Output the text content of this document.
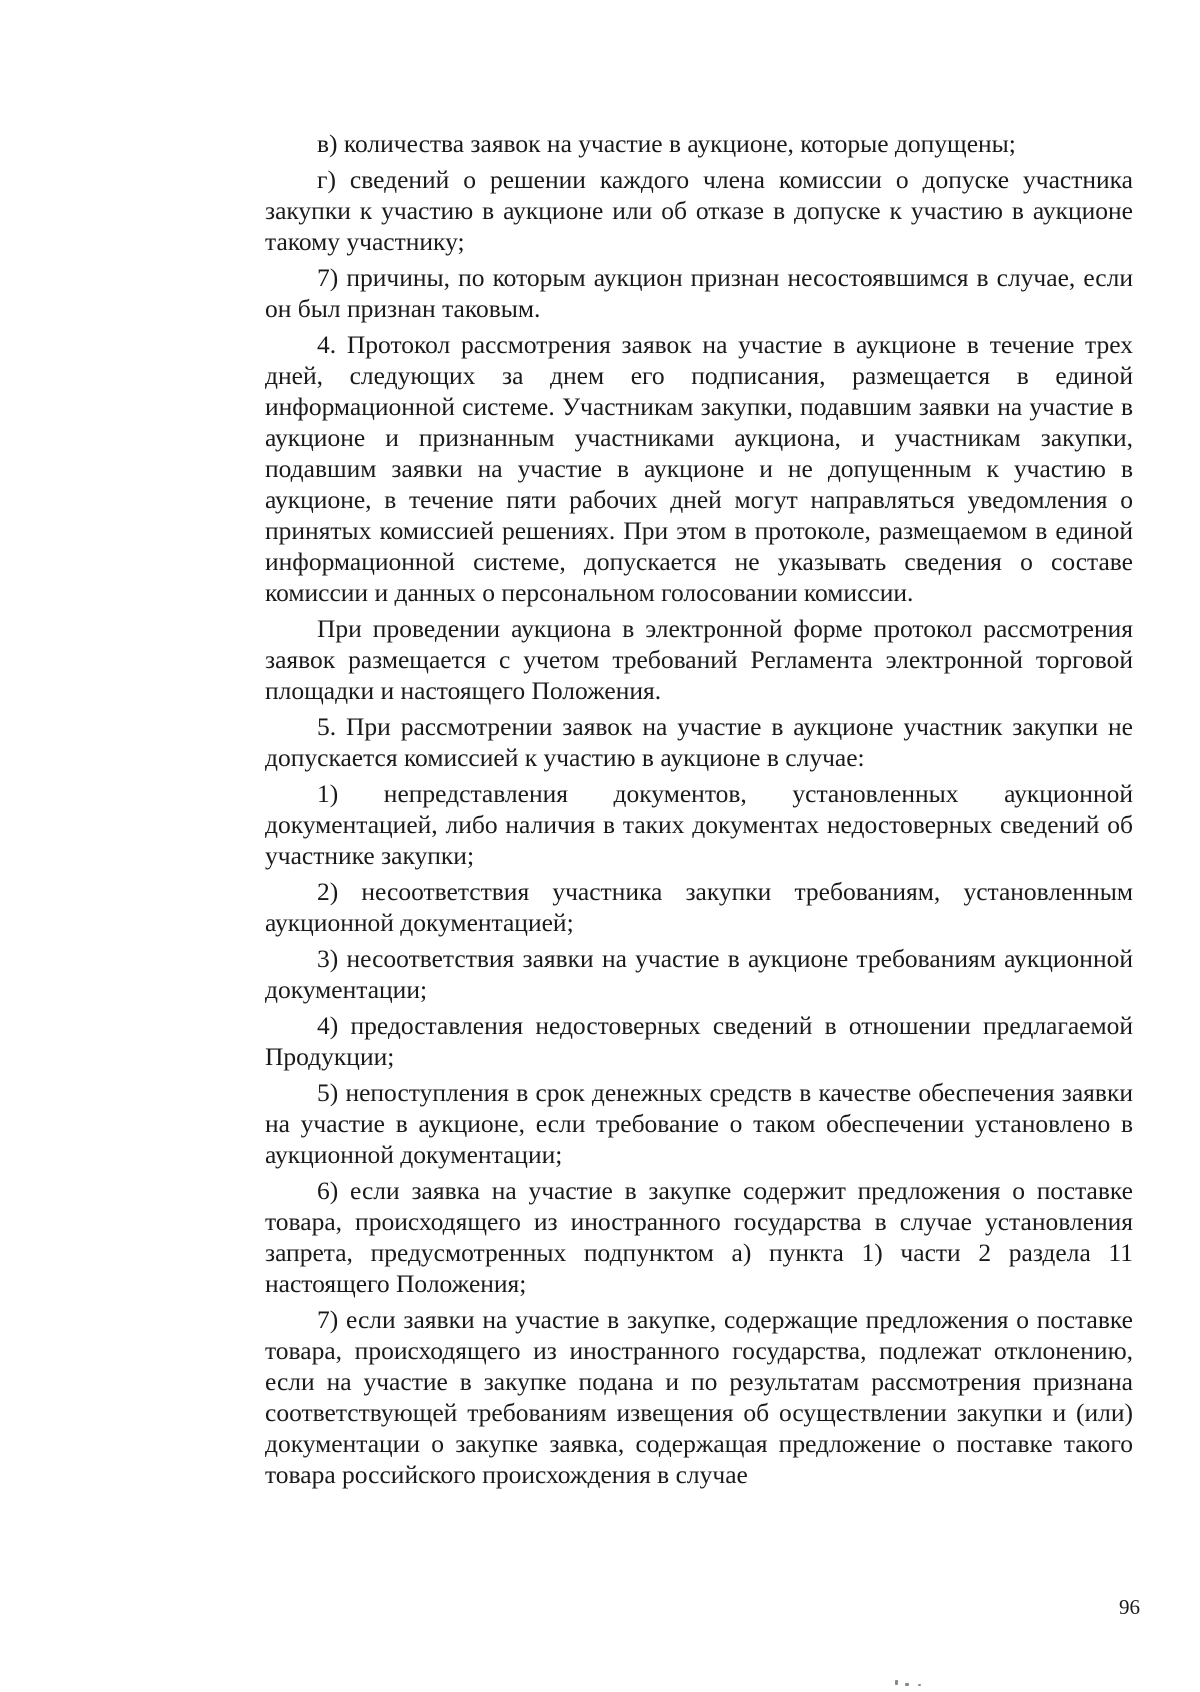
в) количества заявок на участие в аукционе, которые допущены;

г) сведений о решении каждого члена комиссии о допуске участника закупки к участию в аукционе или об отказе в допуске к участию в аукционе такому участнику;

7) причины, по которым аукцион признан несостоявшимся в случае, если он был признан таковым.

4. Протокол рассмотрения заявок на участие в аукционе в течение трех дней, следующих за днем его подписания, размещается в единой информационной системе. Участникам закупки, подавшим заявки на участие в аукционе и признанным участниками аукциона, и участникам закупки, подавшим заявки на участие в аукционе и не допущенным к участию в аукционе, в течение пяти рабочих дней могут направляться уведомления о принятых комиссией решениях. При этом в протоколе, размещаемом в единой информационной системе, допускается не указывать сведения о составе комиссии и данных о персональном голосовании комиссии.

При проведении аукциона в электронной форме протокол рассмотрения заявок размещается с учетом требований Регламента электронной торговой площадки и настоящего Положения.

5. При рассмотрении заявок на участие в аукционе участник закупки не допускается комиссией к участию в аукционе в случае:

1) непредставления документов, установленных аукционной документацией, либо наличия в таких документах недостоверных сведений об участнике закупки;

2) несоответствия участника закупки требованиям, установленным аукционной документацией;

3) несоответствия заявки на участие в аукционе требованиям аукционной документации;

4) предоставления недостоверных сведений в отношении предлагаемой Продукции;

5) непоступления в срок денежных средств в качестве обеспечения заявки на участие в аукционе, если требование о таком обеспечении установлено в аукционной документации;

6) если заявка на участие в закупке содержит предложения о поставке товара, происходящего из иностранного государства в случае установления запрета, предусмотренных подпунктом а) пункта 1) части 2 раздела 11 настоящего Положения;

7) если заявки на участие в закупке, содержащие предложения о поставке товара, происходящего из иностранного государства, подлежат отклонению, если на участие в закупке подана и по результатам рассмотрения признана соответствующей требованиям извещения об осуществлении закупки и (или) документации о закупке заявка, содержащая предложение о поставке такого товара российского происхождения в случае

96
